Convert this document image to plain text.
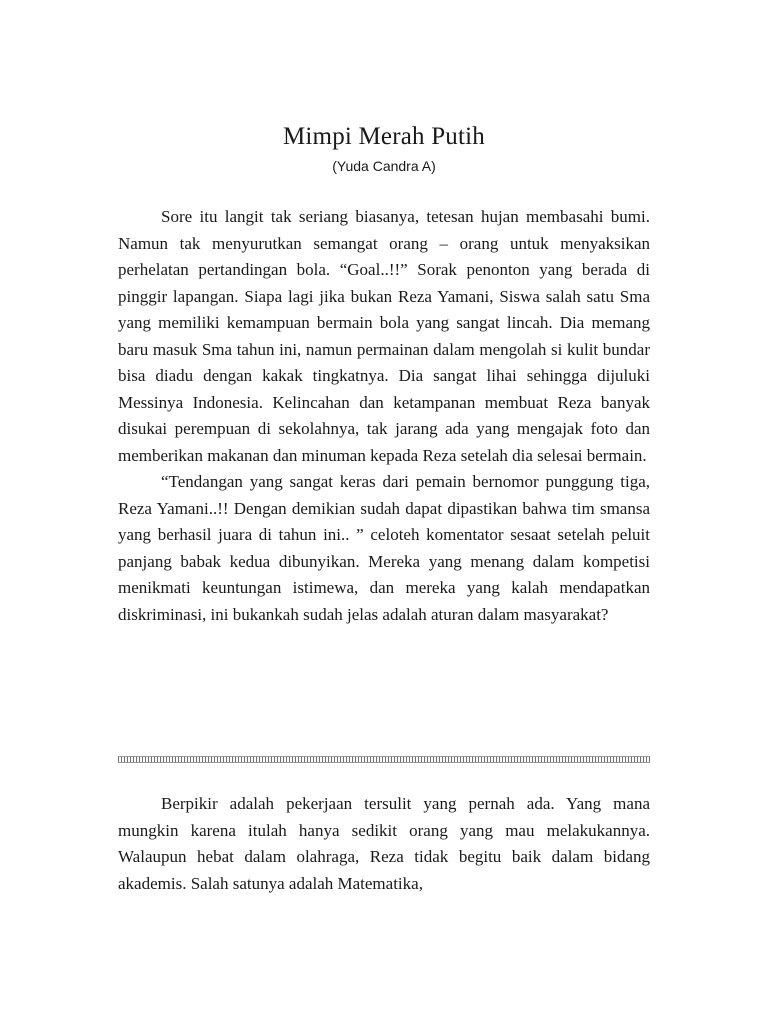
Mimpi Merah Putih
(Yuda Candra A)

Sore itu langit tak seriang biasanya, tetesan hujan membasahi bumi. Namun tak menyurutkan semangat orang – orang untuk menyaksikan perhelatan pertandingan bola. “Goal..!!” Sorak penonton yang berada di pinggir lapangan. Siapa lagi jika bukan Reza Yamani, Siswa salah satu Sma yang memiliki kemampuan bermain bola yang sangat lincah. Dia memang baru masuk Sma tahun ini, namun permainan dalam mengolah si kulit bundar bisa diadu dengan kakak tingkatnya. Dia sangat lihai sehingga dijuluki Messinya Indonesia. Kelincahan dan ketampanan membuat Reza banyak disukai perempuan di sekolahnya, tak jarang ada yang mengajak foto dan memberikan makanan dan minuman kepada Reza setelah dia selesai bermain.

“Tendangan yang sangat keras dari pemain bernomor punggung tiga, Reza Yamani..!! Dengan demikian sudah dapat dipastikan bahwa tim smansa yang berhasil juara di tahun ini.. ” celoteh komentator sesaat setelah peluit panjang babak kedua dibunyikan. Mereka yang menang dalam kompetisi menikmati keuntungan istimewa, dan mereka yang kalah mendapatkan diskriminasi, ini bukankah sudah jelas adalah aturan dalam masyarakat?

Berpikir adalah pekerjaan tersulit yang pernah ada. Yang mana mungkin karena itulah hanya sedikit orang yang mau melakukannya. Walaupun hebat dalam olahraga, Reza tidak begitu baik dalam bidang akademis. Salah satunya adalah Matematika,
